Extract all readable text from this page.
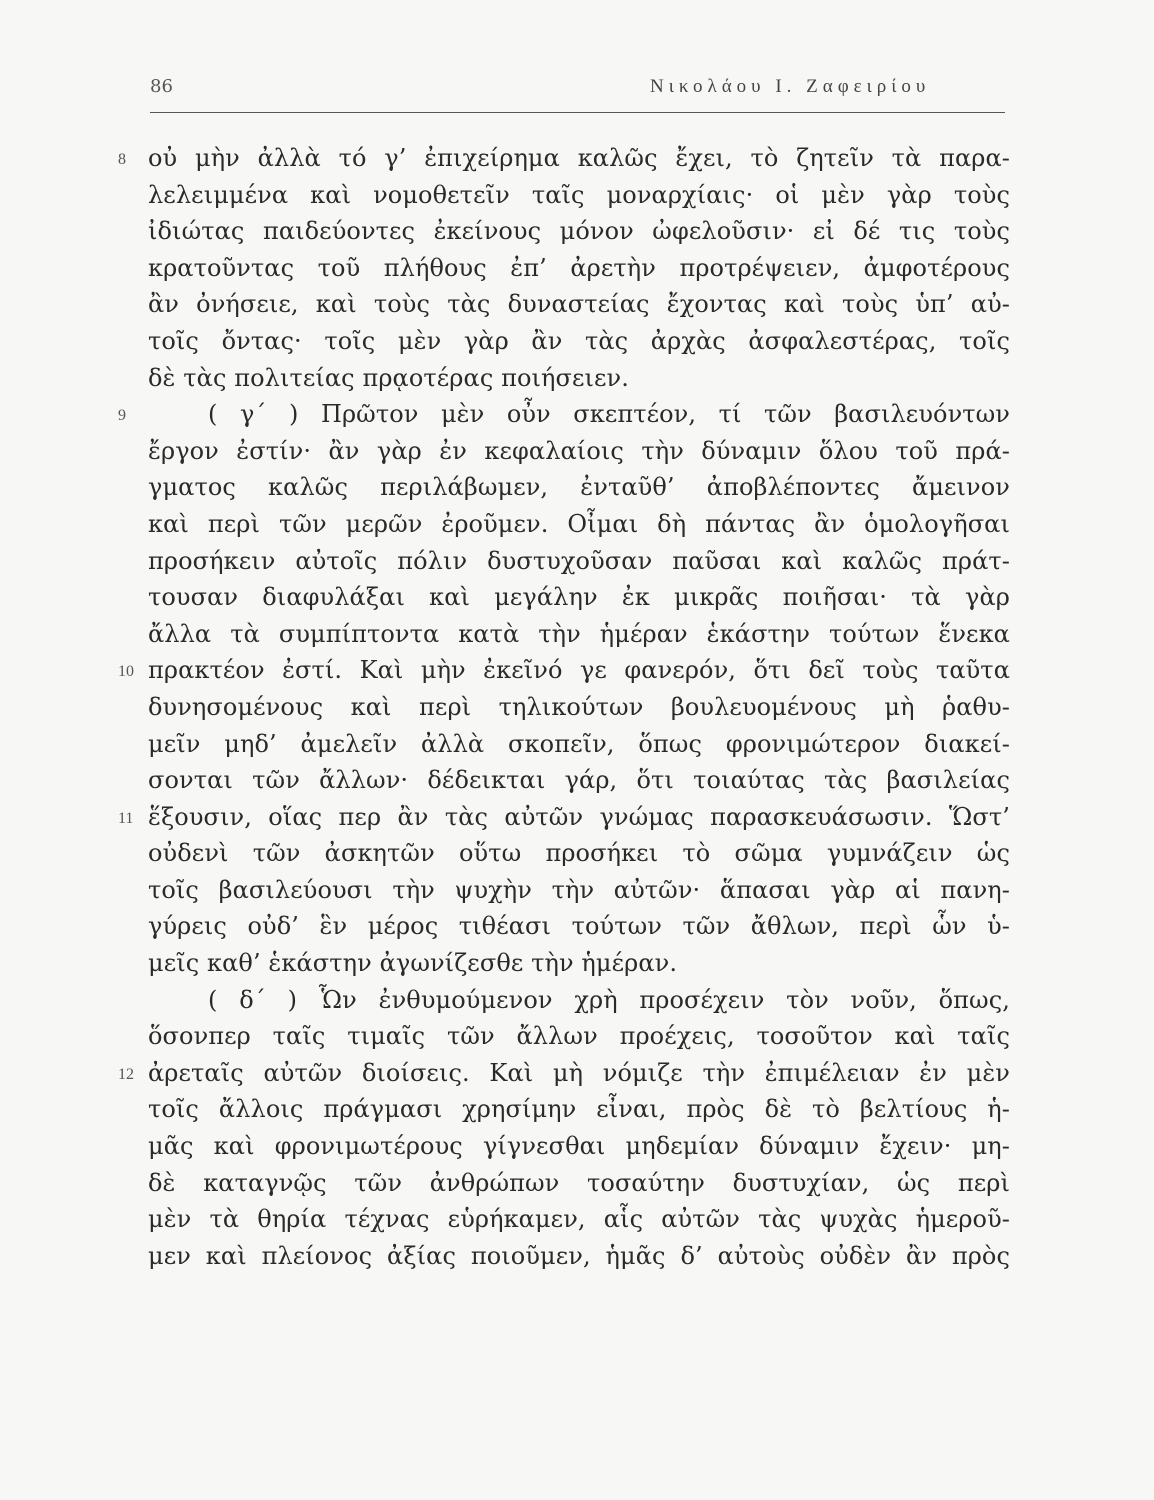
86	Νικολάου Ι. Ζαφειρίου
8 οὐ μὴν ἀλλὰ τό γ’ ἐπιχείρημα καλῶς ἔχει, τὸ ζητεῖν τὰ παρα-
λελειμμένα καὶ νομοθετεῖν ταῖς μοναρχίαις· οἱ μὲν γὰρ τοὺς
ἰδιώτας παιδεύοντες ἐκείνους μόνον ὠφελοῦσιν· εἰ δέ τις τοὺς
κρατοῦντας τοῦ πλήθους ἐπ’ ἀρετὴν προτρέψειεν, ἀμφοτέρους
ἂν ὀνήσειε, καὶ τοὺς τὰς δυναστείας ἔχοντας καὶ τοὺς ὑπ’ αὐ-
τοῖς ὄντας· τοῖς μὲν γὰρ ἂν τὰς ἀρχὰς ἀσφαλεστέρας, τοῖς
δὲ τὰς πολιτείας πρᾳοτέρας ποιήσειεν.
9	( γ΄ ) Πρῶτον μὲν οὖν σκεπτέον, τί τῶν βασιλευόντων
ἔργον ἐστίν· ἂν γὰρ ἐν κεφαλαίοις τὴν δύναμιν ὅλου τοῦ πρά-
γματος καλῶς περιλάβωμεν, ἐνταῦθ’ ἀποβλέποντες ἄμεινον
καὶ περὶ τῶν μερῶν ἐροῦμεν. Οἶμαι δὴ πάντας ἂν ὁμολογῆσαι
προσήκειν αὐτοῖς πόλιν δυστυχοῦσαν παῦσαι καὶ καλῶς πράτ-
τουσαν διαφυλάξαι καὶ μεγάλην ἐκ μικρᾶς ποιῆσαι· τὰ γὰρ
ἄλλα τὰ συμπίπτοντα κατὰ τὴν ἡμέραν ἑκάστην τούτων ἕνεκα
10 πρακτέον ἐστί. Καὶ μὴν ἐκεῖνό γε φανερόν, ὅτι δεῖ τοὺς ταῦτα
δυνησομένους καὶ περὶ τηλικούτων βουλευομένους μὴ ῥαθυ-
μεῖν μηδ’ ἀμελεῖν ἀλλὰ σκοπεῖν, ὅπως φρονιμώτερον διακεί-
σονται τῶν ἄλλων· δέδεικται γάρ, ὅτι τοιαύτας τὰς βασιλείας
11 ἕξουσιν, οἵας περ ἂν τὰς αὐτῶν γνώμας παρασκευάσωσιν. Ὥστ’
οὐδενὶ τῶν ἀσκητῶν οὕτω προσήκει τὸ σῶμα γυμνάζειν ὡς
τοῖς βασιλεύουσι τὴν ψυχὴν τὴν αὐτῶν· ἅπασαι γὰρ αἱ πανη-
γύρεις οὐδ’ ἓν μέρος τιθέασι τούτων τῶν ἄθλων, περὶ ὧν ὑ-
μεῖς καθ’ ἑκάστην ἀγωνίζεσθε τὴν ἡμέραν.
( δ΄ ) Ὧν ἐνθυμούμενον χρὴ προσέχειν τὸν νοῦν, ὅπως,
ὅσονπερ ταῖς τιμαῖς τῶν ἄλλων προέχεις, τοσοῦτον καὶ ταῖς
12 ἀρεταῖς αὐτῶν διοίσεις. Καὶ μὴ νόμιζε τὴν ἐπιμέλειαν ἐν μὲν
τοῖς ἄλλοις πράγμασι χρησίμην εἶναι, πρὸς δὲ τὸ βελτίους ἡ-
μᾶς καὶ φρονιμωτέρους γίγνεσθαι μηδεμίαν δύναμιν ἔχειν· μη-
δὲ καταγνῷς τῶν ἀνθρώπων τοσαύτην δυστυχίαν, ὡς περὶ
μὲν τὰ θηρία τέχνας εὑρήκαμεν, αἷς αὐτῶν τὰς ψυχὰς ἡμεροῦ-
μεν καὶ πλείονος ἀξίας ποιοῦμεν, ἡμᾶς δ’ αὐτοὺς οὐδὲν ἂν πρὸς
